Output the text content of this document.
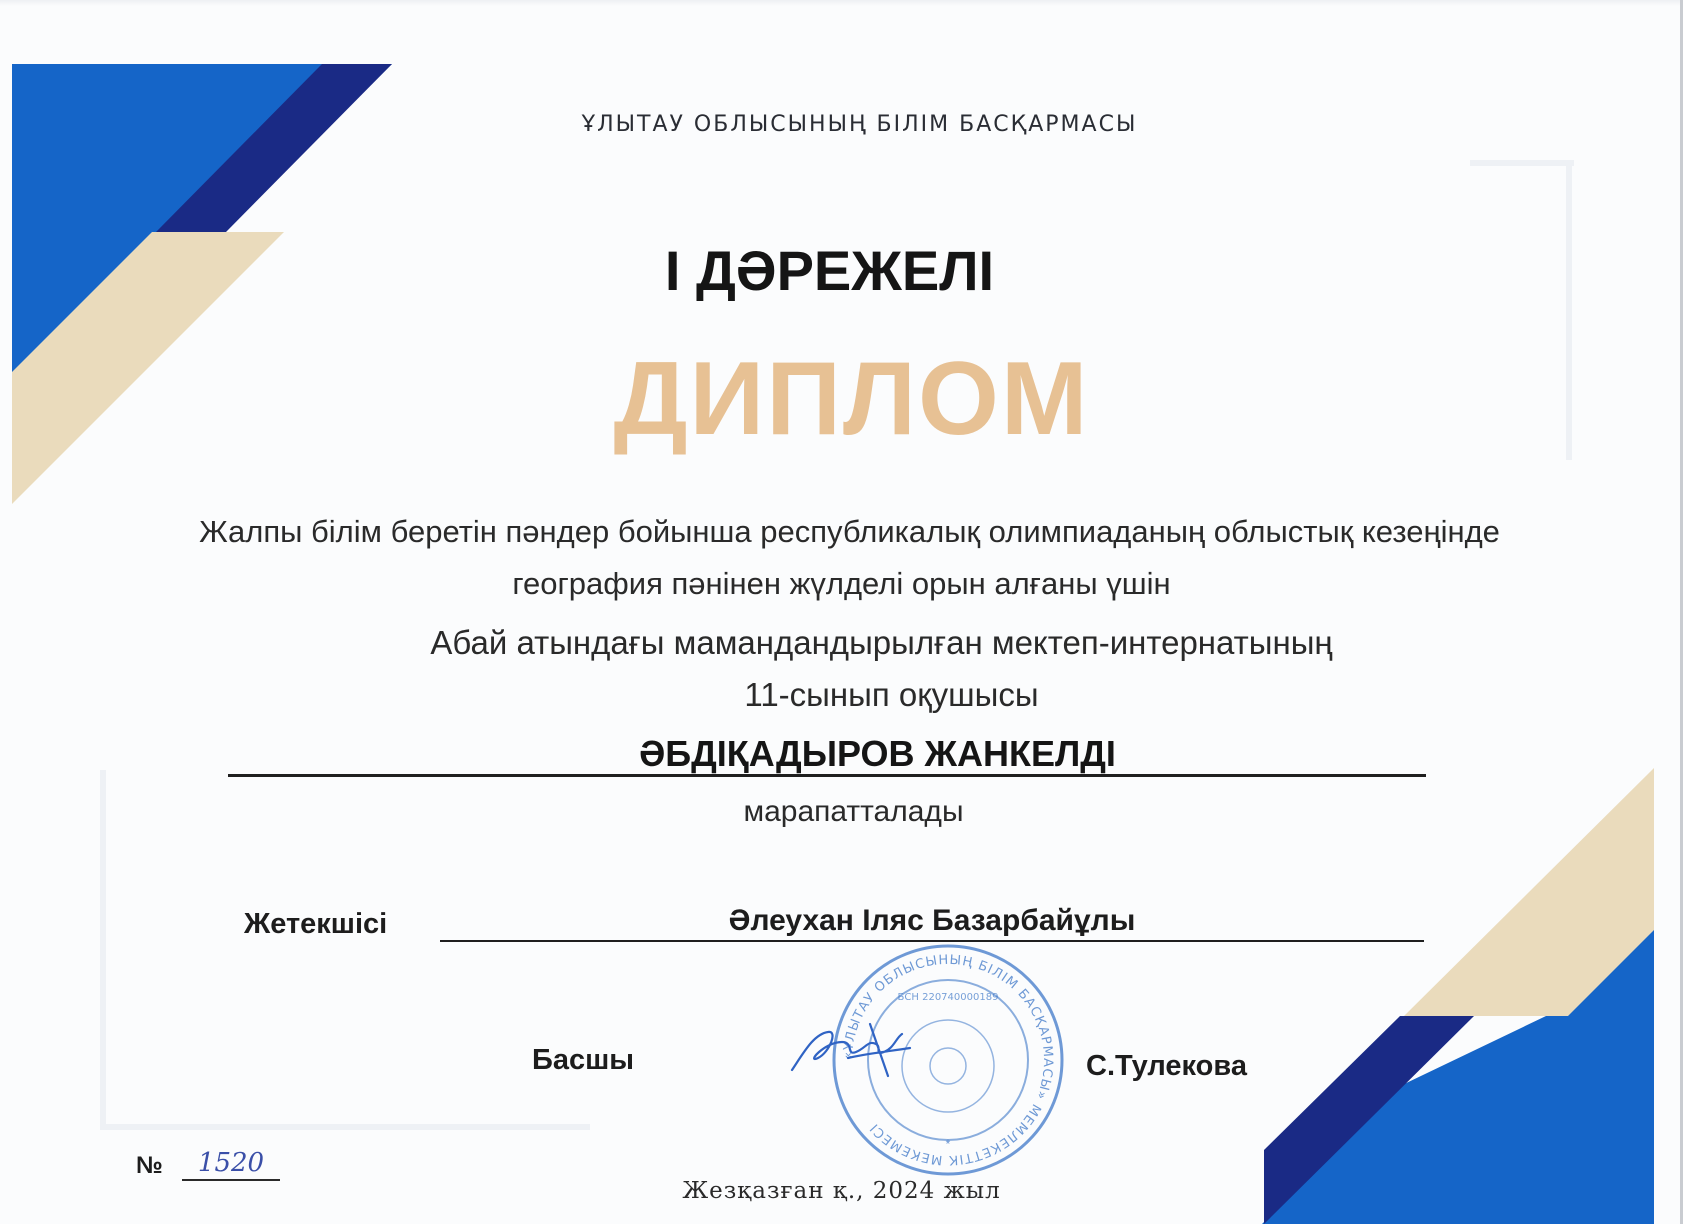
ҰЛЫТАУ ОБЛЫСЫНЫҢ БІЛІМ БАСҚАРМАСЫ
I ДӘРЕЖЕЛІ
ДИПЛОМ
Жалпы білім беретін пәндер бойынша республикалық олимпиаданың облыстық кезеңінде
география пәнінен жүлделі орын алғаны үшін
Абай атындағы мамандандырылған мектеп-интернатының
11-сынып оқушысы
ӘБДІҚАДЫРОВ ЖАНКЕЛДІ
марапатталады
Жетекшісі	Әлеухан Іляс Базарбайұлы
Басшы	С.Тулекова
«ҰЛЫТАУ ОБЛЫСЫНЫҢ БІЛІМ БАСҚАРМАСЫ» МЕМЛЕКЕТТІК МЕКЕМЕСІ
БСН 220740000189
*
№	1520
Жезқазған қ., 2024 жыл
